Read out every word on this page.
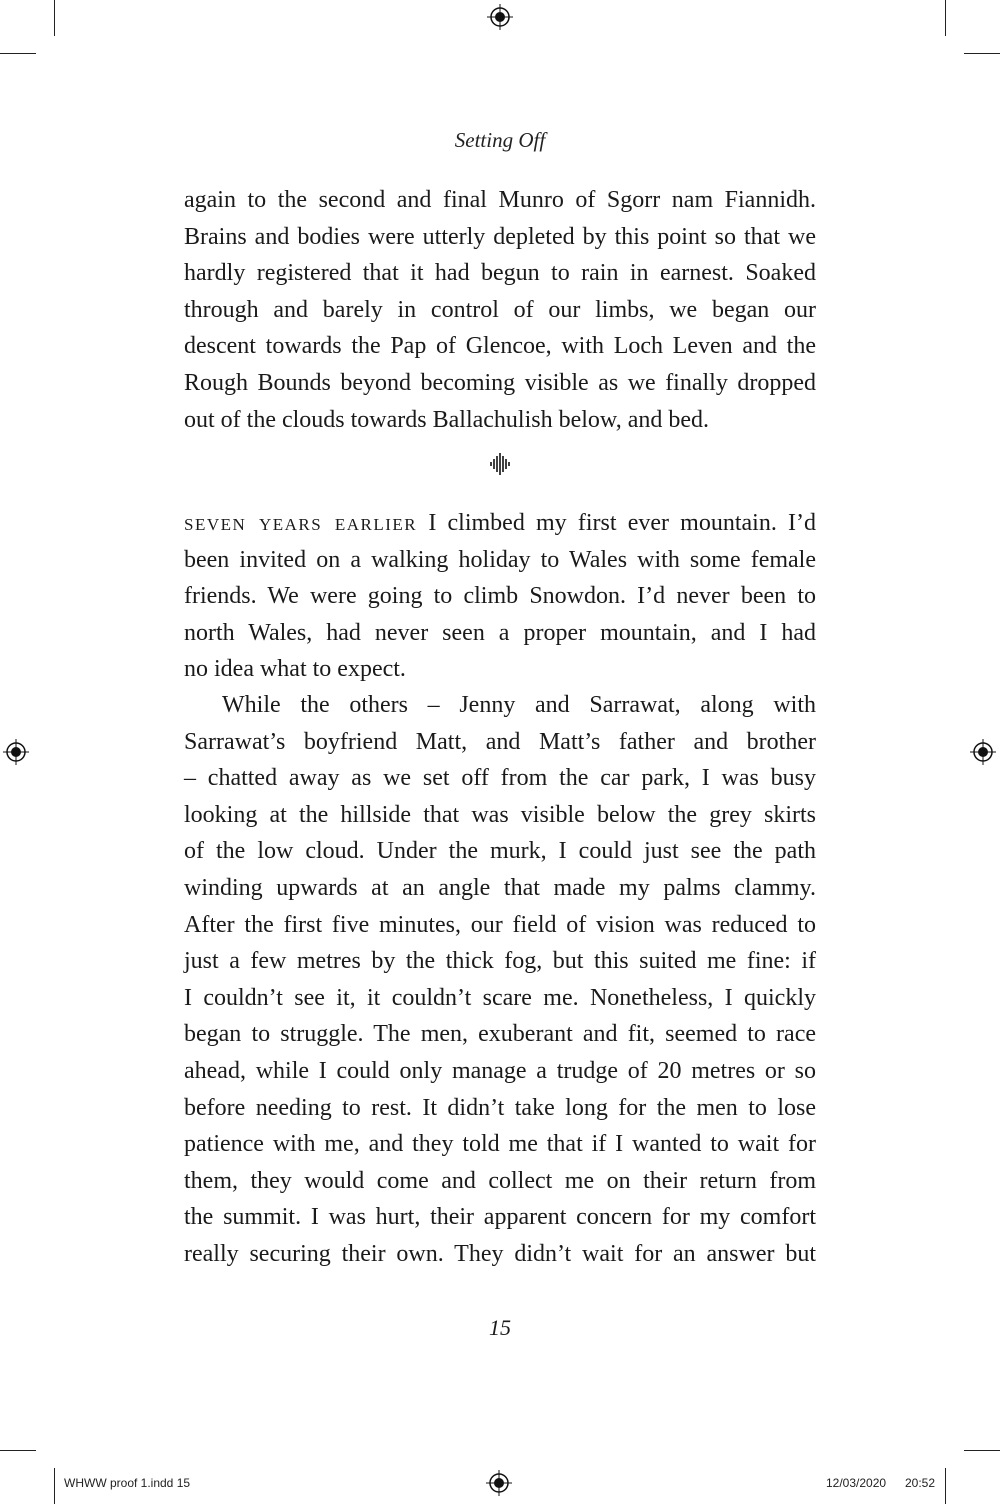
Setting Off
again to the second and final Munro of Sgorr nam Fiannidh.
Brains and bodies were utterly depleted by this point so that we
hardly registered that it had begun to rain in earnest. Soaked
through and barely in control of our limbs, we began our
descent towards the Pap of Glencoe, with Loch Leven and the
Rough Bounds beyond becoming visible as we finally dropped
out of the clouds towards Ballachulish below, and bed.
seven years earlier I climbed my first ever mountain. I’d
been invited on a walking holiday to Wales with some female
friends. We were going to climb Snowdon. I’d never been to
north Wales, had never seen a proper mountain, and I had
no idea what to expect.
While the others – Jenny and Sarrawat, along with
Sarrawat’s boyfriend Matt, and Matt’s father and brother
– chatted away as we set off from the car park, I was busy
looking at the hillside that was visible below the grey skirts
of the low cloud. Under the murk, I could just see the path
winding upwards at an angle that made my palms clammy.
After the first five minutes, our field of vision was reduced to
just a few metres by the thick fog, but this suited me fine: if
I couldn’t see it, it couldn’t scare me. Nonetheless, I quickly
began to struggle. The men, exuberant and fit, seemed to race
ahead, while I could only manage a trudge of 20 metres or so
before needing to rest. It didn’t take long for the men to lose
patience with me, and they told me that if I wanted to wait for
them, they would come and collect me on their return from
the summit. I was hurt, their apparent concern for my comfort
really securing their own. They didn’t wait for an answer but
15
WHWW proof 1.indd 15	12/03/2020 20:52
